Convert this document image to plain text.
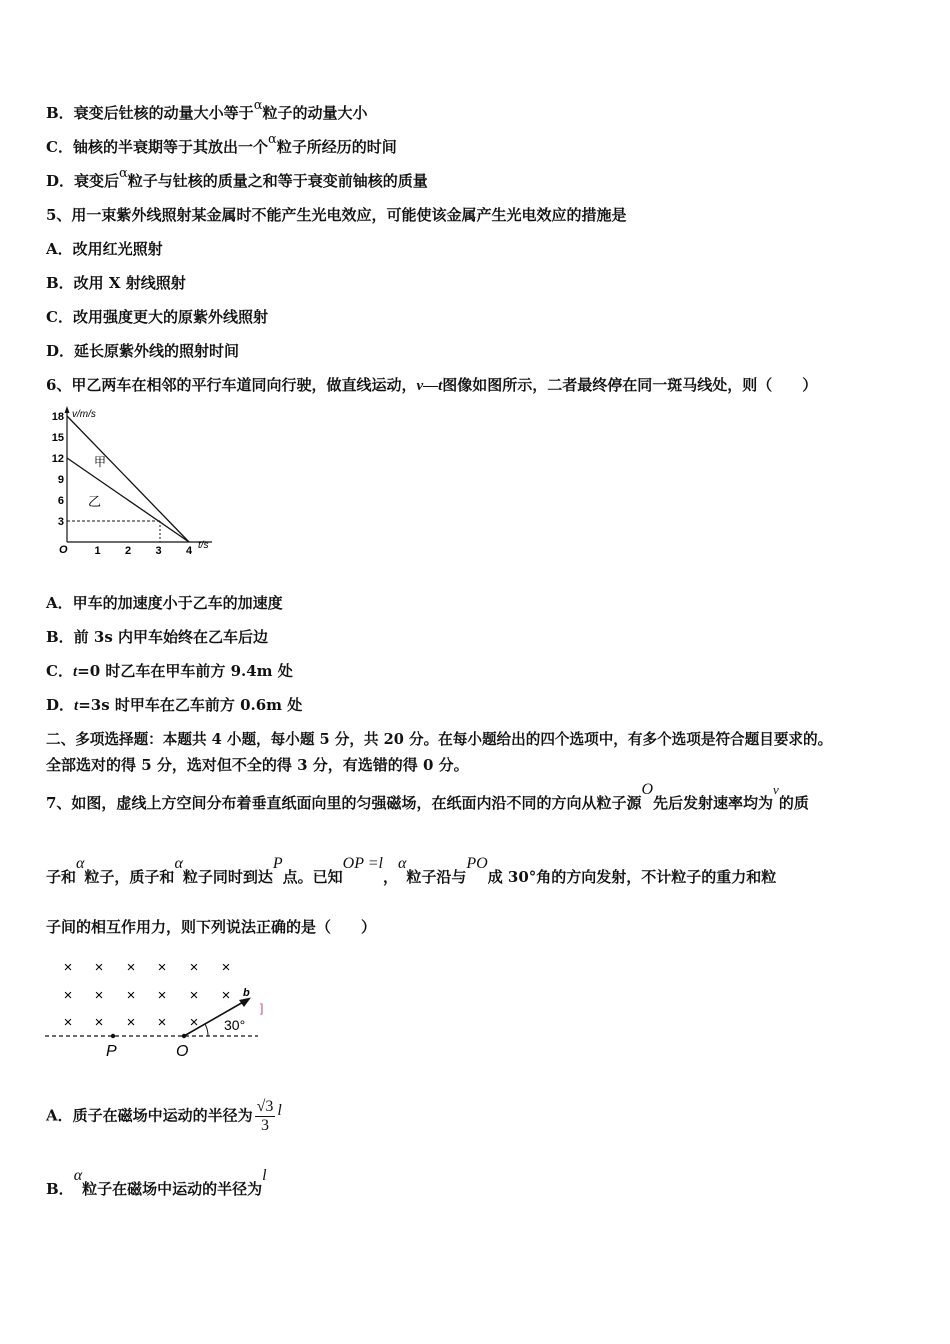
B．衰变后钍核的动量大小等于α粒子的动量大小
C．铀核的半衰期等于其放出一个α粒子所经历的时间
D．衰变后α粒子与钍核的质量之和等于衰变前铀核的质量
5、用一束紫外线照射某金属时不能产生光电效应，可能使该金属产生光电效应的措施是
A．改用红光照射
B．改用 X 射线照射
C．改用强度更大的原紫外线照射
D．延长原紫外线的照射时间
6、甲乙两车在相邻的平行车道同向行驶，做直线运动，v—t图像如图所示，二者最终停在同一斑马线处，则（　　）
v/m/s
t/s
O
18
15
12
9
6
3
1 2 3 4
甲
乙
A．甲车的加速度小于乙车的加速度
B．前 3s 内甲车始终在乙车后边
C．t=0 时乙车在甲车前方 9.4m 处
D．t=3s 时甲车在乙车前方 0.6m 处
二、多项选择题：本题共 4 小题，每小题 5 分，共 20 分。在每小题给出的四个选项中，有多个选项是符合题目要求的。
全部选对的得 5 分，选对但不全的得 3 分，有选错的得 0 分。
7、如图，虚线上方空间分布着垂直纸面向里的匀强磁场，在纸面内沿不同的方向从粒子源O先后发射速率均为v的质
子和α粒子，质子和α粒子同时到达P点。已知OP =l，α粒子沿与PO成 30°角的方向发射，不计粒子的重力和粒
子间的相互作用力，则下列说法正确的是（　　）
× × × × × ×
× × × × × ×
× × × × ×
P	O
b
30°
]
A．质子在磁场中运动的半径为 $\frac{√3}{3}$ l
B．α粒子在磁场中运动的半径为l
